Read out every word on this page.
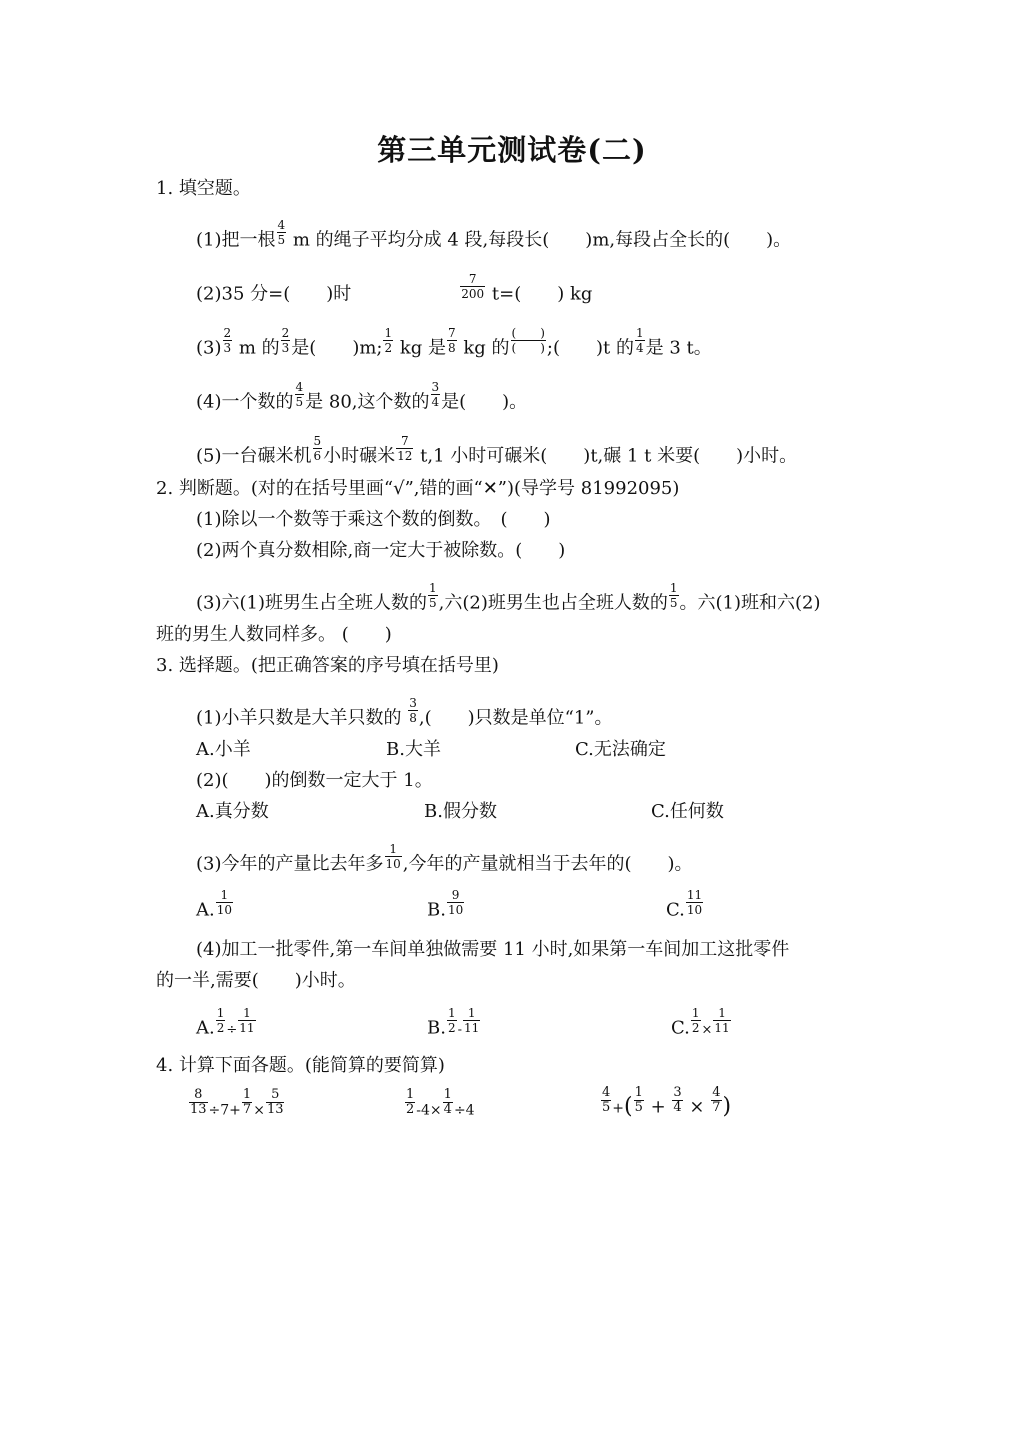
第三单元测试卷(二)
1. 填空题。
(1)把一根 $\frac{4}{5}$ m 的绳子平均分成 4 段,每段长(　　)m,每段占全长的(　　)。
(2)35 分=(　　)时	$\frac{7}{200} t=$(　　) kg
$(3) \frac{2}{3}$ m 的 $\frac{2}{3}$ 是(　　)m; $\frac{1}{2}$ kg 是 $\frac{7}{8}$ kg 的 $\frac{( )}{( )}$ ;(　　)t 的 $\frac{1}{4}$ 是 3 t。
(4)一个数的 $\frac{4}{5}$ 是 80,这个数的 $\frac{3}{4}$ 是(　　)。
(5)一台碾米机 $\frac{5}{6}$ 小时碾米 $\frac{7}{12} t,1$ 小时可碾米(　　)t,碾 1 t 米要(　　)小时。
2. 判断题。(对的在括号里画“√”,错的画“✕”)(导学号 81992095)
(1)除以一个数等于乘这个数的倒数。　(　　)
(2)两个真分数相除,商一定大于被除数。(　　)
(3)六(1)班男生占全班人数的 $\frac{1}{5}$ ,六(2)班男生也占全班人数的 $\frac{1}{5}$ 。六(1)班和六(2)
班的男生人数同样多。 (　　)
3. 选择题。(把正确答案的序号填在括号里)
(1)小羊只数是大羊只数的 $\frac{3}{8}$ ,(　　)只数是单位“1”。
A.小羊	B.大羊	C.无法确定
(2)(　　)的倒数一定大于 1。
A.真分数	B.假分数	C.任何数
(3)今年的产量比去年多 $\frac{1}{10}$ ,今年的产量就相当于去年的(　　)。
A. $\frac{1}{10}$	B. $\frac{9}{10}$	C. $\frac{11}{10}$
(4)加工一批零件,第一车间单独做需要 11 小时,如果第一车间加工这批零件
的一半,需要(　　)小时。
A. $\frac{1}{2} \div \frac{1}{11}$	B. $\frac{1}{2} - \frac{1}{11}$	C. $\frac{1}{2} \times \frac{1}{11}$
4. 计算下面各题。(能简算的要简算)
$\frac{8}{13} \div 7+ \frac{1}{7} \times \frac{5}{13}$	$\frac{1}{2} -4\times \frac{1}{4} \div 4$	$\frac{4}{5}$ +( $\frac{1}{5} + \frac{3}{4} \times \frac{4}{7}$ )
